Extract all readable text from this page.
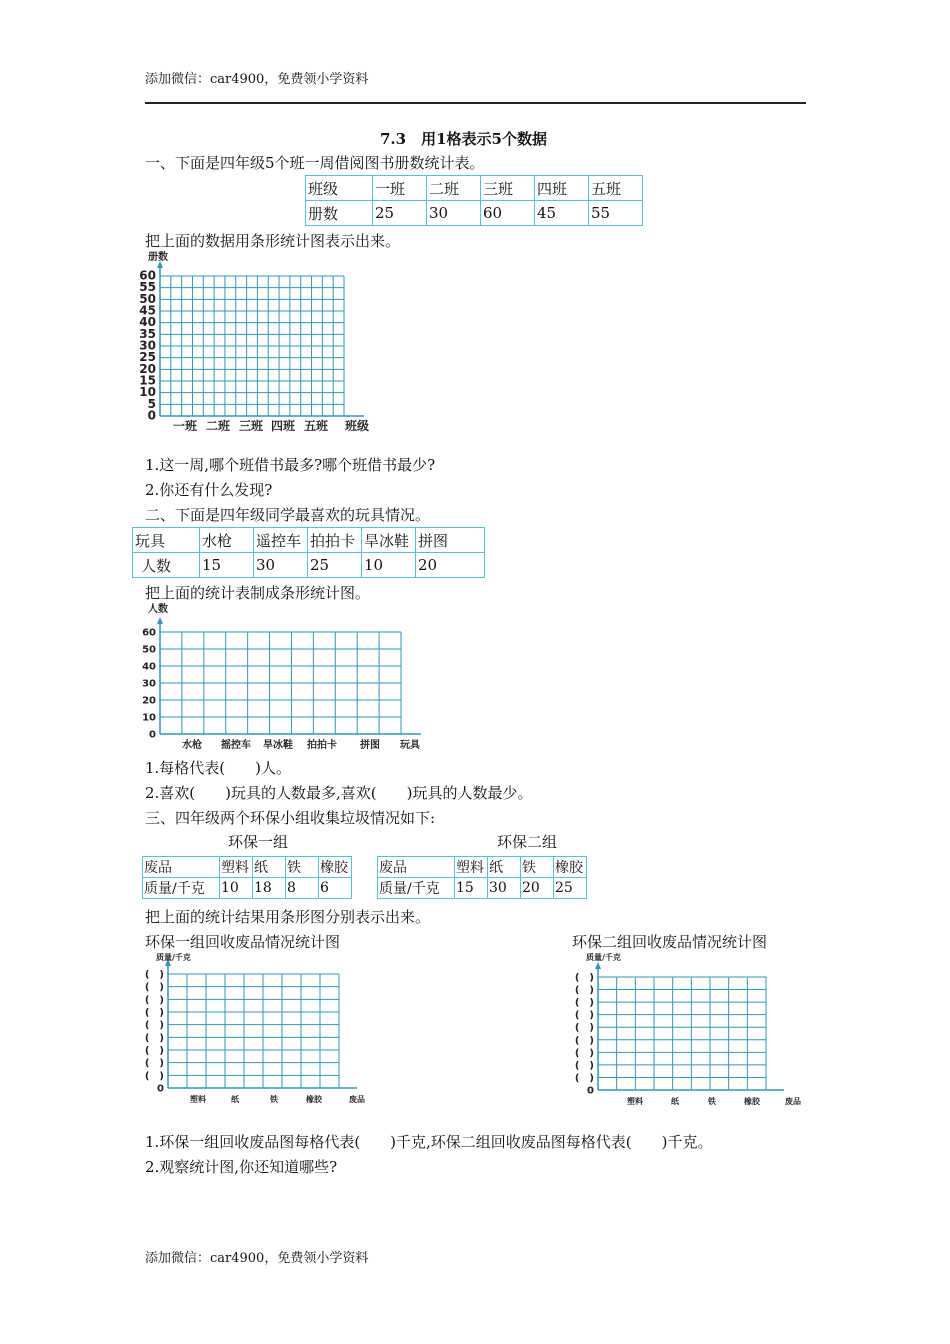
添加微信：car4900，免费领小学资料
7.3　用1格表示5个数据
一、下面是四年级5个班一周借阅图书册数统计表。
班级	一班	二班	三班	四班	五班
册数	25	30	60	45	55
把上面的数据用条形统计图表示出来。
0
5
10
15
20
25
30
35
40
45
50
55
60
一班 二班 三班 四班 五班 班级
册数
1.这一周,哪个班借书最多?哪个班借书最少?
2.你还有什么发现?
二、下面是四年级同学最喜欢的玩具情况。
玩具	水枪	遥控车	拍拍卡	旱冰鞋	拼图
人数	15	30	25	10	20
把上面的统计表制成条形统计图。
0
10
20
30
40
50
60
水枪 摇控车 旱冰鞋 拍拍卡 拼图 玩具
人数
1.每格代表(　　)人。
2.喜欢(　　)玩具的人数最多,喜欢(　　)玩具的人数最少。
三、四年级两个环保小组收集垃圾情况如下:
环保一组	环保二组
废品	塑料	纸	铁	橡胶
质量/千克	10	18	8	6
废品	塑料	纸	铁	橡胶
质量/千克	15	30	20	25
把上面的统计结果用条形图分别表示出来。
环保一组回收废品情况统计图	环保二组回收废品情况统计图
0
(　)
(　)
(　)
(　)
(　)
(　)
(　)
(　)
(　)
塑料	纸	铁	橡胶	废品
质量/千克
0
(　)
(　)
(　)
(　)
(　)
(　)
(　)
(　)
(　)
塑料	纸	铁	橡胶	废品
质量/千克
1.环保一组回收废品图每格代表(　　)千克,环保二组回收废品图每格代表(　　)千克。
2.观察统计图,你还知道哪些?
添加微信：car4900，免费领小学资料
